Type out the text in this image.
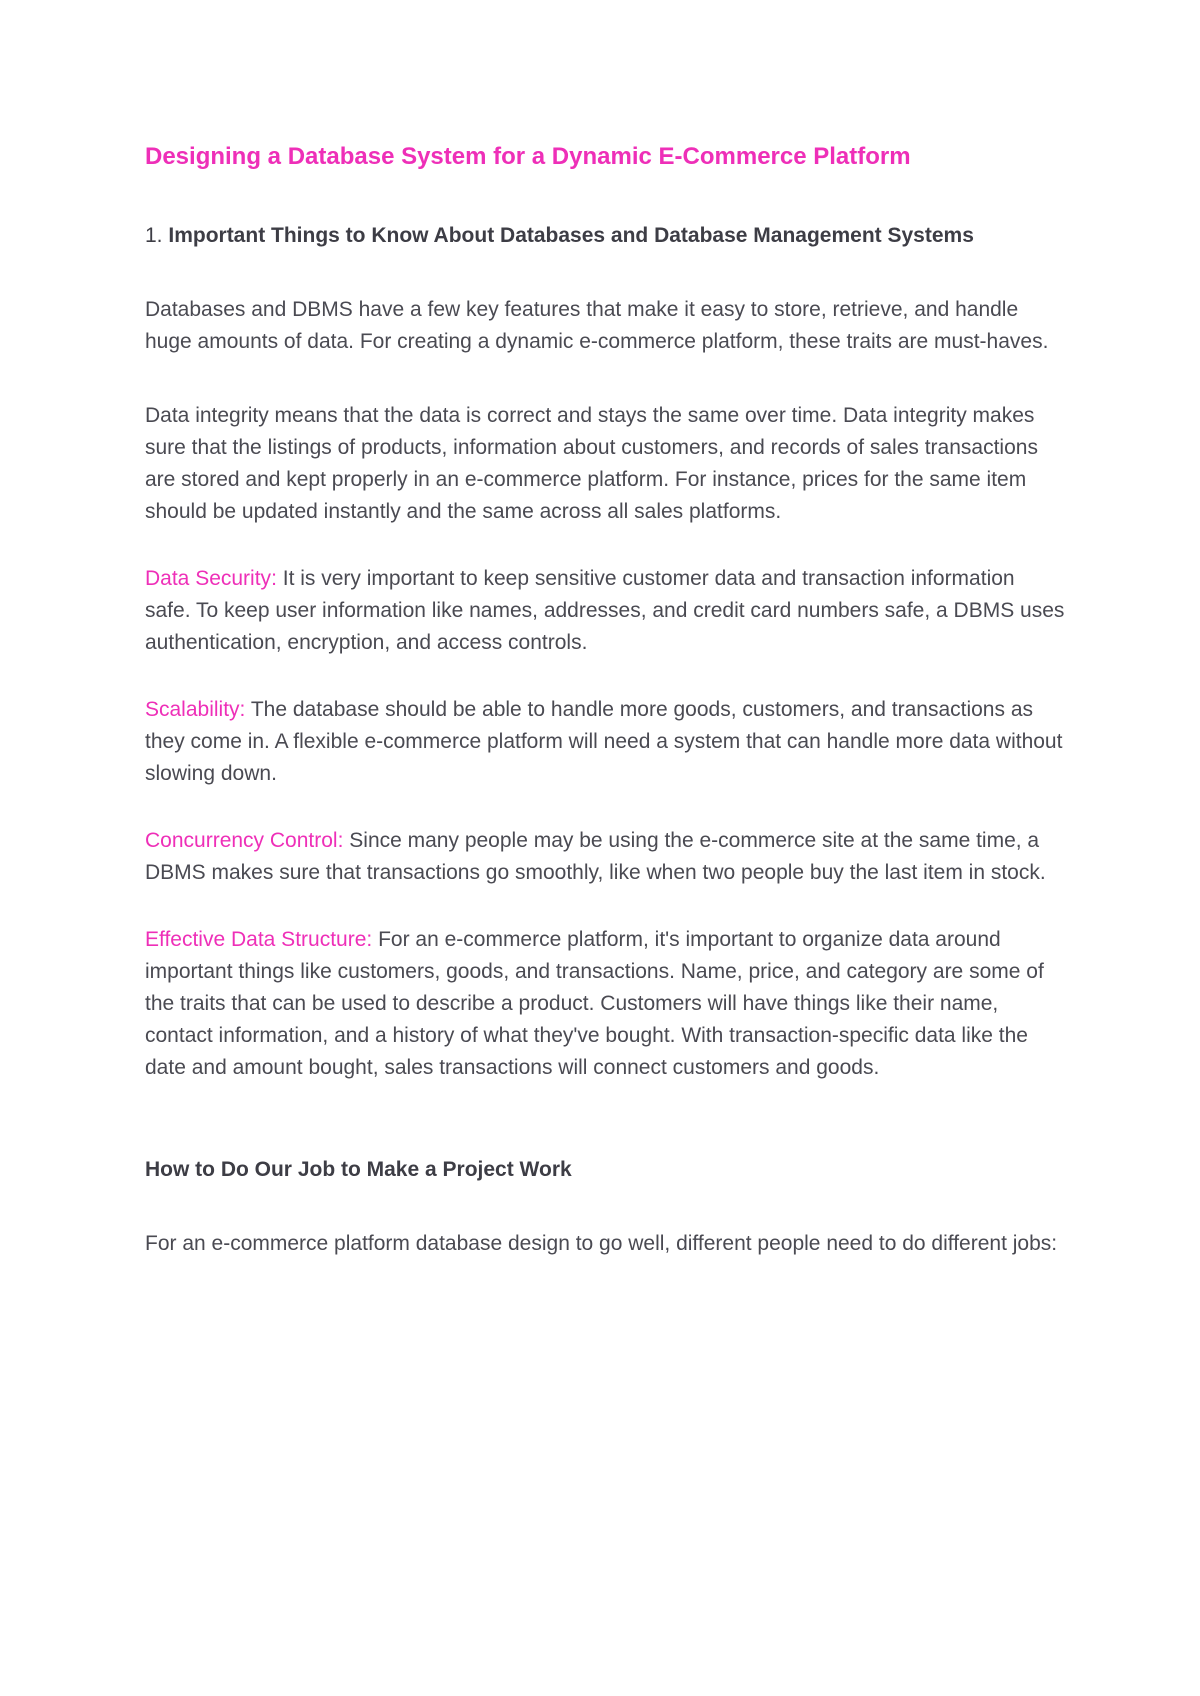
Designing a Database System for a Dynamic E-Commerce Platform
1. Important Things to Know About Databases and Database Management Systems

Databases and DBMS have a few key features that make it easy to store, retrieve, and handle huge amounts of data. For creating a dynamic e-commerce platform, these traits are must-haves.

Data integrity means that the data is correct and stays the same over time. Data integrity makes sure that the listings of products, information about customers, and records of sales transactions are stored and kept properly in an e-commerce platform. For instance, prices for the same item should be updated instantly and the same across all sales platforms.

Data Security: It is very important to keep sensitive customer data and transaction information safe. To keep user information like names, addresses, and credit card numbers safe, a DBMS uses authentication, encryption, and access controls.

Scalability: The database should be able to handle more goods, customers, and transactions as they come in. A flexible e-commerce platform will need a system that can handle more data without slowing down.

Concurrency Control: Since many people may be using the e-commerce site at the same time, a DBMS makes sure that transactions go smoothly, like when two people buy the last item in stock.

Effective Data Structure: For an e-commerce platform, it's important to organize data around important things like customers, goods, and transactions. Name, price, and category are some of the traits that can be used to describe a product. Customers will have things like their name, contact information, and a history of what they've bought. With transaction-specific data like the date and amount bought, sales transactions will connect customers and goods.

How to Do Our Job to Make a Project Work

For an e-commerce platform database design to go well, different people need to do different jobs:
